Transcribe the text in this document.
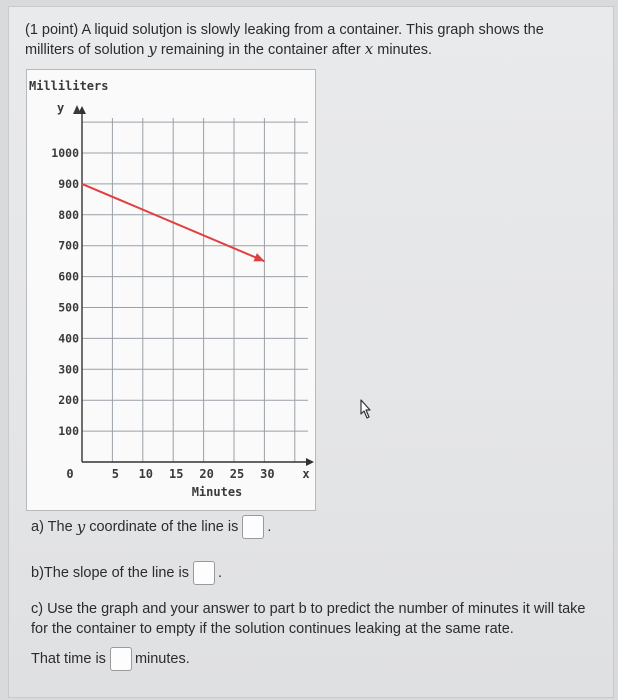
(1 point) A liquid solutjon is slowly leaking from a container. This graph shows the
milliters of solution y remaining in the container after x minutes.
Milliliters
y
100
200
300
400
500
600
700
800
900
1000
0	5 10 15 20 25 30 x
Minutes
a) The
y
coordinate of the line is .
b)The slope of the line is .
c) Use the graph and your answer to part b to predict the number of minutes it will take for the container to empty if the solution continues leaking at the same rate.
That time is minutes.
